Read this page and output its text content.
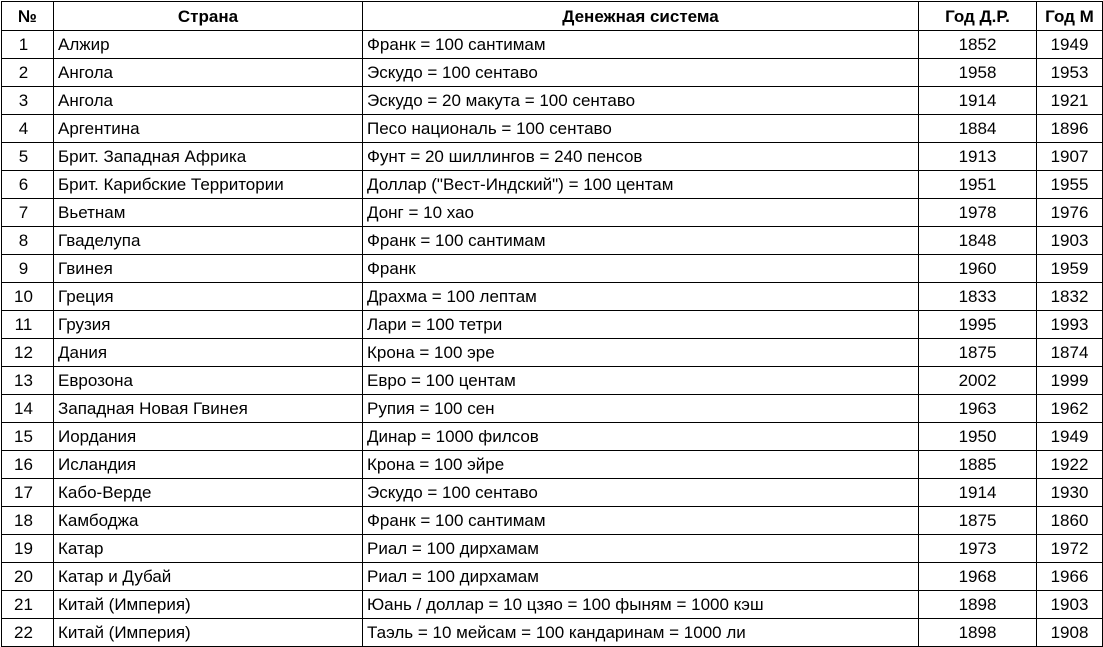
№	Страна	Денежная система	Год Д.Р.	Год М
1	Алжир	Франк = 100 сантимам	1852	1949
2	Ангола	Эскудо = 100 сентаво	1958	1953
3	Ангола	Эскудо = 20 макута = 100 сентаво	1914	1921
4	Аргентина	Песо националь = 100 сентаво	1884	1896
5	Брит. Западная Африка	Фунт = 20 шиллингов = 240 пенсов	1913	1907
6	Брит. Карибские Территории	Доллар ("Вест-Индский") = 100 центам	1951	1955
7	Вьетнам	Донг = 10 хао	1978	1976
8	Гваделупа	Франк = 100 сантимам	1848	1903
9	Гвинея	Франк	1960	1959
10	Греция	Драхма = 100 лептам	1833	1832
11	Грузия	Лари = 100 тетри	1995	1993
12	Дания	Крона = 100 эре	1875	1874
13	Еврозона	Евро = 100 центам	2002	1999
14	Западная Новая Гвинея	Рупия = 100 сен	1963	1962
15	Иордания	Динар = 1000 филсов	1950	1949
16	Исландия	Крона = 100 эйре	1885	1922
17	Кабо-Верде	Эскудо = 100 сентаво	1914	1930
18	Камбоджа	Франк = 100 сантимам	1875	1860
19	Катар	Риал = 100 дирхамам	1973	1972
20	Катар и Дубай	Риал = 100 дирхамам	1968	1966
21	Китай (Империя)	Юань / доллар = 10 цзяо = 100 фыням = 1000 кэш	1898	1903
22	Китай (Империя)	Таэль = 10 мейсам = 100 кандаринам = 1000 ли	1898	1908
